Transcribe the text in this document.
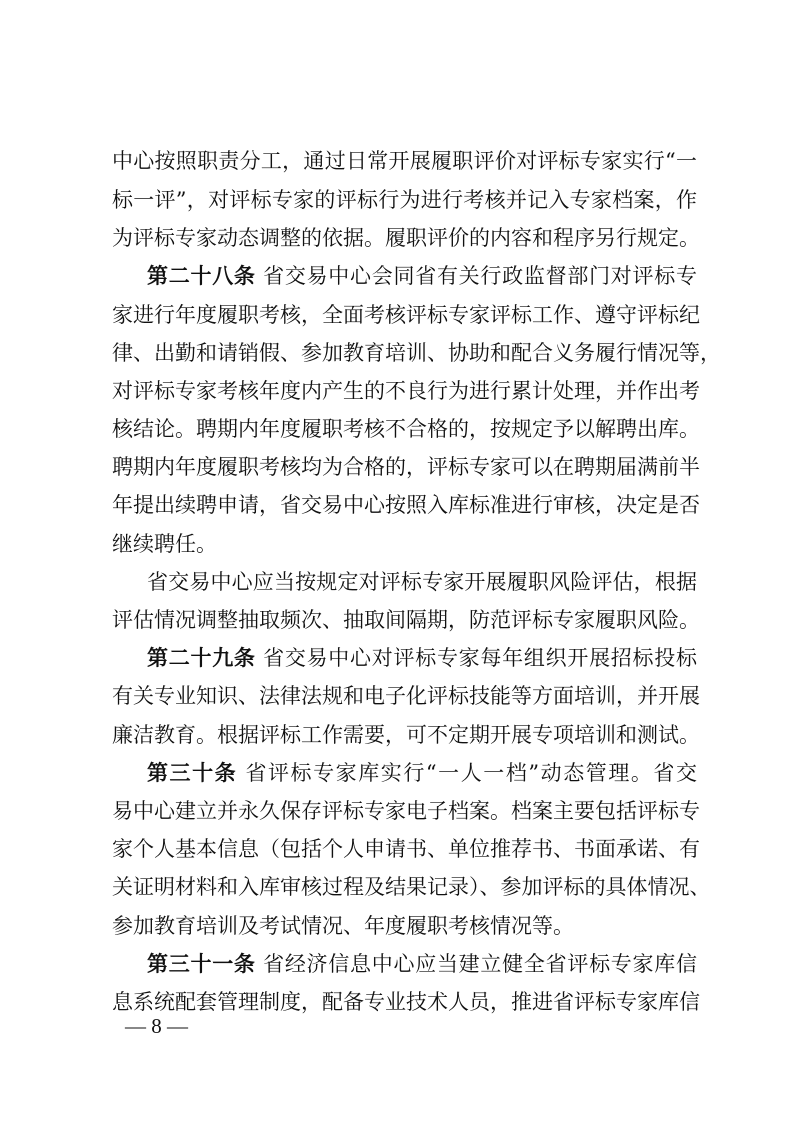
中心按照职责分工，通过日常开展履职评价对评标专家实行“一
标一评”，对评标专家的评标行为进行考核并记入专家档案，作
为评标专家动态调整的依据。履职评价的内容和程序另行规定。
第二十八条 省交易中心会同省有关行政监督部门对评标专
家进行年度履职考核，全面考核评标专家评标工作、遵守评标纪
律、出勤和请销假、参加教育培训、协助和配合义务履行情况等，
对评标专家考核年度内产生的不良行为进行累计处理，并作出考
核结论。聘期内年度履职考核不合格的，按规定予以解聘出库。
聘期内年度履职考核均为合格的，评标专家可以在聘期届满前半
年提出续聘申请，省交易中心按照入库标准进行审核，决定是否
继续聘任。
省交易中心应当按规定对评标专家开展履职风险评估，根据
评估情况调整抽取频次、抽取间隔期，防范评标专家履职风险。
第二十九条 省交易中心对评标专家每年组织开展招标投标
有关专业知识、法律法规和电子化评标技能等方面培训，并开展
廉洁教育。根据评标工作需要，可不定期开展专项培训和测试。
第三十条 省评标专家库实行“一人一档”动态管理。省交
易中心建立并永久保存评标专家电子档案。档案主要包括评标专
家个人基本信息（包括个人申请书、单位推荐书、书面承诺、有
关证明材料和入库审核过程及结果记录）、参加评标的具体情况、
参加教育培训及考试情况、年度履职考核情况等。
第三十一条 省经济信息中心应当建立健全省评标专家库信
息系统配套管理制度，配备专业技术人员，推进省评标专家库信
— 8 —
